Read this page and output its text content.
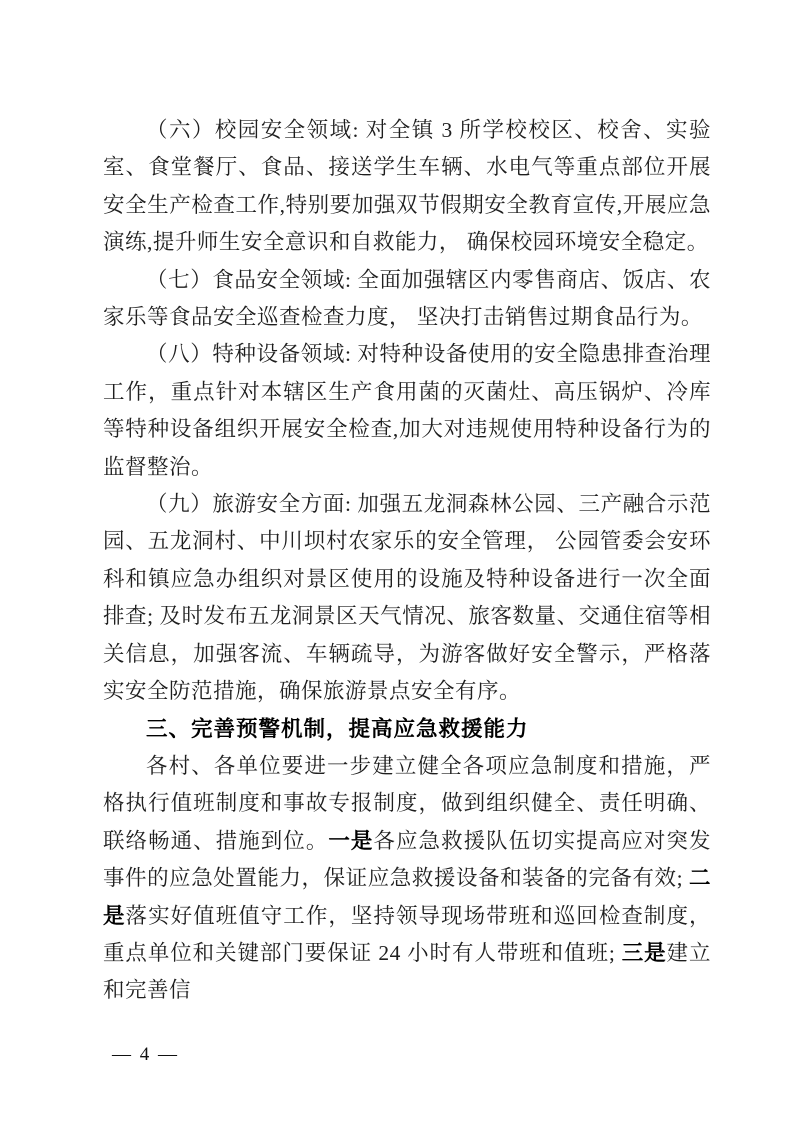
（六）校园安全领域: 对全镇 3 所学校校区、校舍、实验室、食堂餐厅、食品、接送学生车辆、水电气等重点部位开展安全生产检查工作,特别要加强双节假期安全教育宣传,开展应急演练,提升师生安全意识和自救能力， 确保校园环境安全稳定。

（七）食品安全领域: 全面加强辖区内零售商店、饭店、农家乐等食品安全巡查检查力度， 坚决打击销售过期食品行为。

（八）特种设备领域: 对特种设备使用的安全隐患排查治理工作，重点针对本辖区生产食用菌的灭菌灶、高压锅炉、冷库等特种设备组织开展安全检查,加大对违规使用特种设备行为的监督整治。

（九）旅游安全方面: 加强五龙洞森林公园、三产融合示范园、五龙洞村、中川坝村农家乐的安全管理， 公园管委会安环科和镇应急办组织对景区使用的设施及特种设备进行一次全面排查; 及时发布五龙洞景区天气情况、旅客数量、交通住宿等相关信息，加强客流、车辆疏导，为游客做好安全警示，严格落实安全防范措施，确保旅游景点安全有序。

三、完善预警机制，提高应急救援能力

各村、各单位要进一步建立健全各项应急制度和措施，严格执行值班制度和事故专报制度，做到组织健全、责任明确、联络畅通、措施到位。一是各应急救援队伍切实提高应对突发事件的应急处置能力，保证应急救援设备和装备的完备有效; 二是落实好值班值守工作，坚持领导现场带班和巡回检查制度，重点单位和关键部门要保证 24 小时有人带班和值班; 三是建立和完善信

— 4 —
